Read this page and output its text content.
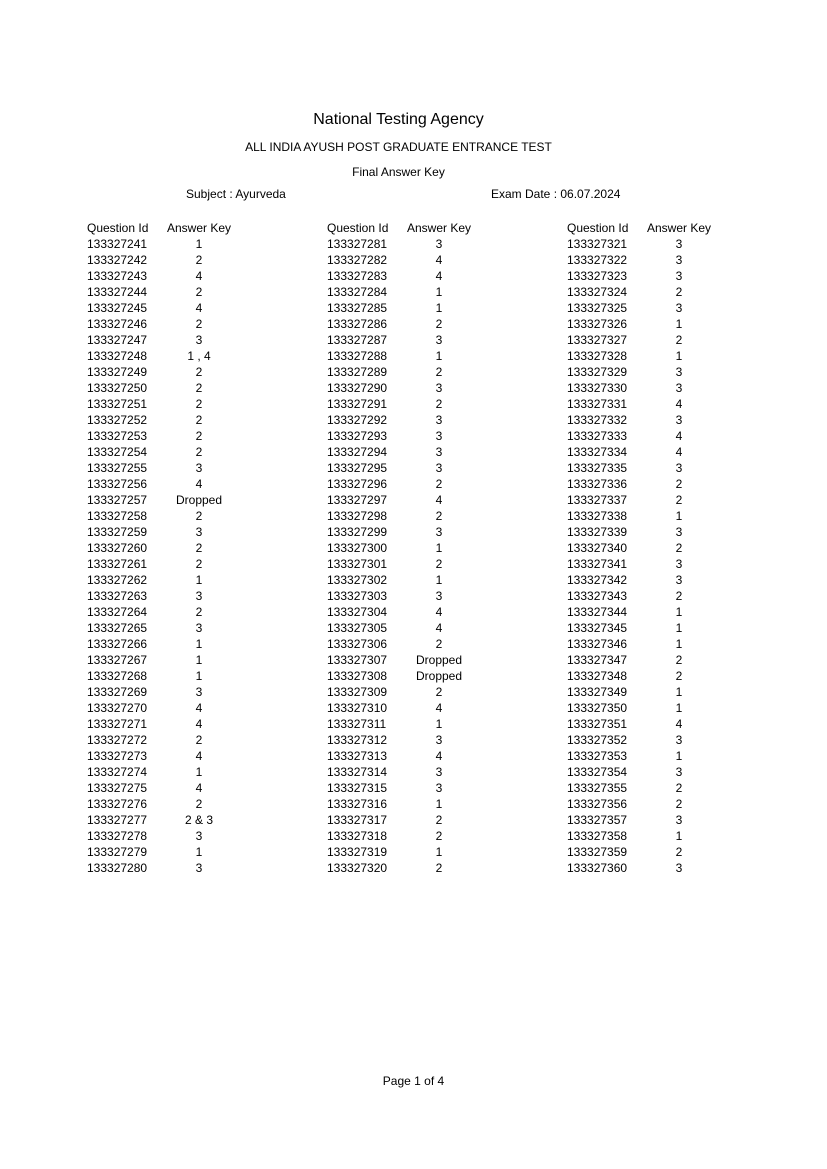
National Testing Agency
ALL INDIA AYUSH POST GRADUATE ENTRANCE TEST
Final Answer Key
Subject : Ayurveda	Exam Date : 06.07.2024
Question Id	Answer Key
133327241	1
133327242	2
133327243	4
133327244	2
133327245	4
133327246	2
133327247	3
133327248	1 , 4
133327249	2
133327250	2
133327251	2
133327252	2
133327253	2
133327254	2
133327255	3
133327256	4
133327257	Dropped
133327258	2
133327259	3
133327260	2
133327261	2
133327262	1
133327263	3
133327264	2
133327265	3
133327266	1
133327267	1
133327268	1
133327269	3
133327270	4
133327271	4
133327272	2
133327273	4
133327274	1
133327275	4
133327276	2
133327277	2 & 3
133327278	3
133327279	1
133327280	3
Question Id	Answer Key
133327281	3
133327282	4
133327283	4
133327284	1
133327285	1
133327286	2
133327287	3
133327288	1
133327289	2
133327290	3
133327291	2
133327292	3
133327293	3
133327294	3
133327295	3
133327296	2
133327297	4
133327298	2
133327299	3
133327300	1
133327301	2
133327302	1
133327303	3
133327304	4
133327305	4
133327306	2
133327307	Dropped
133327308	Dropped
133327309	2
133327310	4
133327311	1
133327312	3
133327313	4
133327314	3
133327315	3
133327316	1
133327317	2
133327318	2
133327319	1
133327320	2
Question Id	Answer Key
133327321	3
133327322	3
133327323	3
133327324	2
133327325	3
133327326	1
133327327	2
133327328	1
133327329	3
133327330	3
133327331	4
133327332	3
133327333	4
133327334	4
133327335	3
133327336	2
133327337	2
133327338	1
133327339	3
133327340	2
133327341	3
133327342	3
133327343	2
133327344	1
133327345	1
133327346	1
133327347	2
133327348	2
133327349	1
133327350	1
133327351	4
133327352	3
133327353	1
133327354	3
133327355	2
133327356	2
133327357	3
133327358	1
133327359	2
133327360	3
Page 1 of 4
